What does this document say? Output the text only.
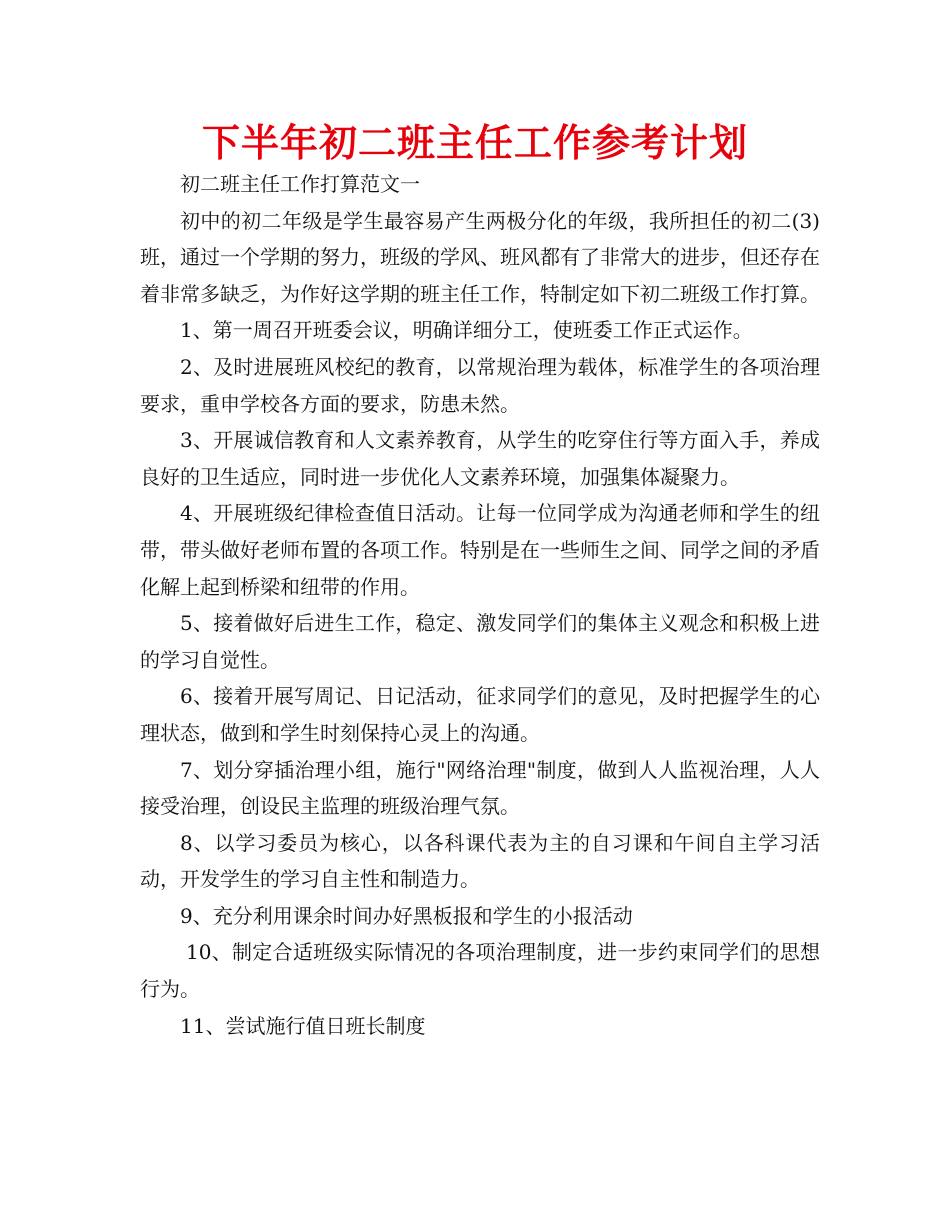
下半年初二班主任工作参考计划

初二班主任工作打算范文一

初中的初二年级是学生最容易产生两极分化的年级，我所担任的初二(3)班，通过一个学期的努力，班级的学风、班风都有了非常大的进步，但还存在着非常多缺乏，为作好这学期的班主任工作，特制定如下初二班级工作打算。

1、第一周召开班委会议，明确详细分工，使班委工作正式运作。

2、及时进展班风校纪的教育，以常规治理为载体，标准学生的各项治理要求，重申学校各方面的要求，防患未然。

3、开展诚信教育和人文素养教育，从学生的吃穿住行等方面入手，养成良好的卫生适应，同时进一步优化人文素养环境，加强集体凝聚力。

4、开展班级纪律检查值日活动。让每一位同学成为沟通老师和学生的纽带，带头做好老师布置的各项工作。特别是在一些师生之间、同学之间的矛盾化解上起到桥梁和纽带的作用。

5、接着做好后进生工作，稳定、激发同学们的集体主义观念和积极上进的学习自觉性。

6、接着开展写周记、日记活动，征求同学们的意见，及时把握学生的心理状态，做到和学生时刻保持心灵上的沟通。

7、划分穿插治理小组，施行"网络治理"制度，做到人人监视治理，人人接受治理，创设民主监理的班级治理气氛。

8、以学习委员为核心，以各科课代表为主的自习课和午间自主学习活动，开发学生的学习自主性和制造力。

9、充分利用课余时间办好黑板报和学生的小报活动

10、制定合适班级实际情况的各项治理制度，进一步约束同学们的思想行为。

11、尝试施行值日班长制度
